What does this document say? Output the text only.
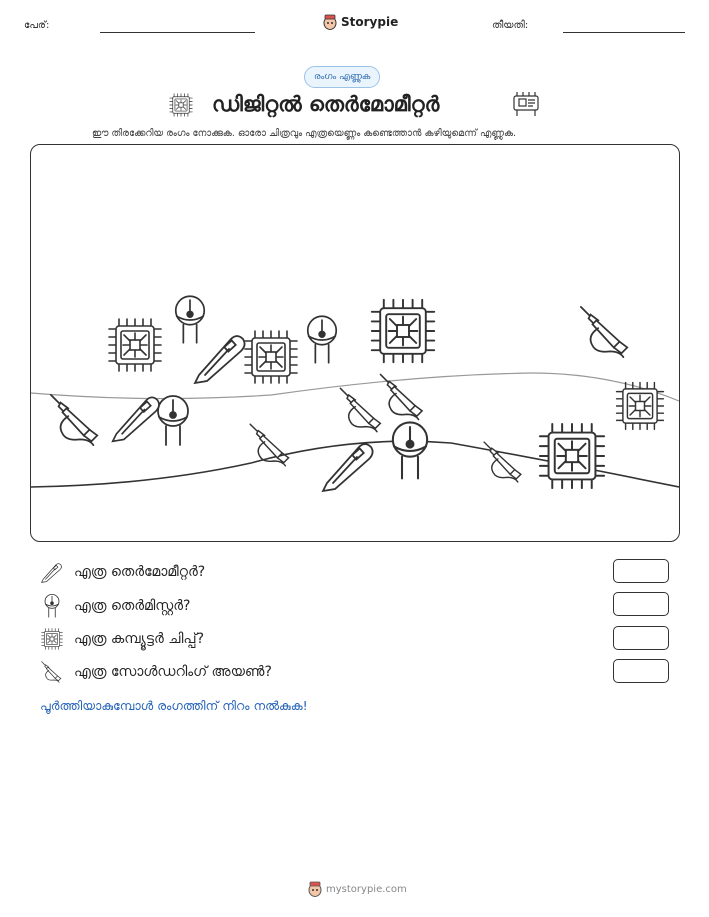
പേര്:	Storypie	തീയതി:
രംഗം എണ്ണുക
ഡിജിറ്റൽ തെർമോമീറ്റർ
ഈ തിരക്കേറിയ രംഗം നോക്കുക. ഓരോ ചിത്രവും എത്രയെണ്ണം കണ്ടെത്താൻ കഴിയുമെന്ന് എണ്ണുക.
എത്ര തെർമോമീറ്റർ?
എത്ര തെർമിസ്റ്റർ?
എത്ര കമ്പ്യൂട്ടർ ചിപ്പ്?
എത്ര സോൾഡറിംഗ് അയൺ?
പൂർത്തിയാകുമ്പോൾ രംഗത്തിന് നിറം നൽകുക!
mystorypie.com
